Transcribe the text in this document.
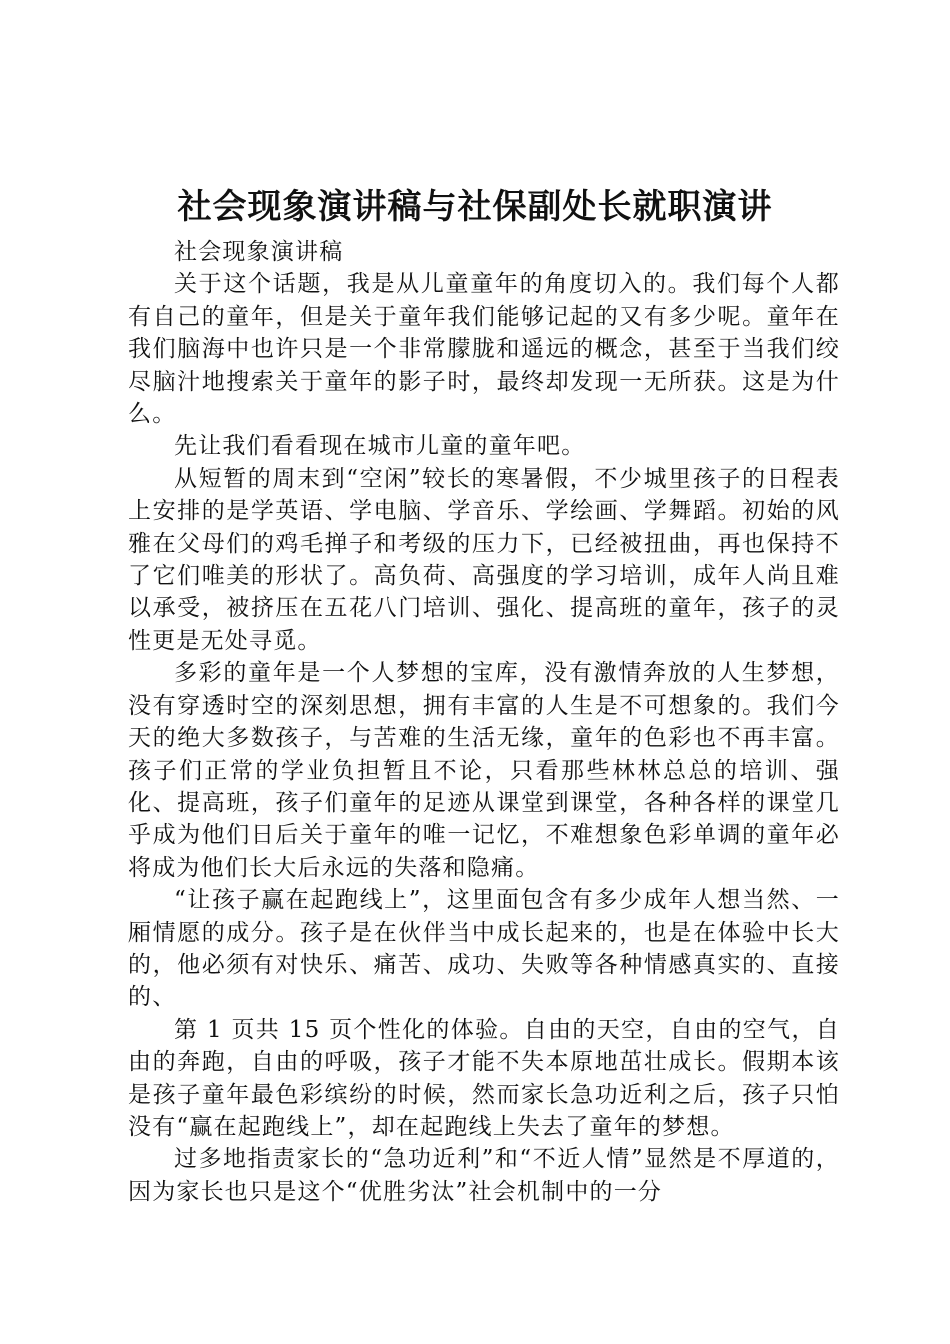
社会现象演讲稿与社保副处长就职演讲

社会现象演讲稿

关于这个话题，我是从儿童童年的角度切入的。我们每个人都有自己的童年，但是关于童年我们能够记起的又有多少呢。童年在我们脑海中也许只是一个非常朦胧和遥远的概念，甚至于当我们绞尽脑汁地搜索关于童年的影子时，最终却发现一无所获。这是为什么。

先让我们看看现在城市儿童的童年吧。

从短暂的周末到“空闲”较长的寒暑假，不少城里孩子的日程表上安排的是学英语、学电脑、学音乐、学绘画、学舞蹈。初始的风雅在父母们的鸡毛掸子和考级的压力下，已经被扭曲，再也保持不了它们唯美的形状了。高负荷、高强度的学习培训，成年人尚且难以承受，被挤压在五花八门培训、强化、提高班的童年，孩子的灵性更是无处寻觅。

多彩的童年是一个人梦想的宝库，没有激情奔放的人生梦想，没有穿透时空的深刻思想，拥有丰富的人生是不可想象的。我们今天的绝大多数孩子，与苦难的生活无缘，童年的色彩也不再丰富。孩子们正常的学业负担暂且不论，只看那些林林总总的培训、强化、提高班，孩子们童年的足迹从课堂到课堂，各种各样的课堂几乎成为他们日后关于童年的唯一记忆，不难想象色彩单调的童年必将成为他们长大后永远的失落和隐痛。

“让孩子赢在起跑线上”，这里面包含有多少成年人想当然、一厢情愿的成分。孩子是在伙伴当中成长起来的，也是在体验中长大的，他必须有对快乐、痛苦、成功、失败等各种情感真实的、直接的、

第 1 页共 15 页个性化的体验。自由的天空，自由的空气，自由的奔跑，自由的呼吸，孩子才能不失本原地茁壮成长。假期本该是孩子童年最色彩缤纷的时候，然而家长急功近利之后，孩子只怕没有“赢在起跑线上”，却在起跑线上失去了童年的梦想。

过多地指责家长的“急功近利”和“不近人情”显然是不厚道的，因为家长也只是这个“优胜劣汰”社会机制中的一分
